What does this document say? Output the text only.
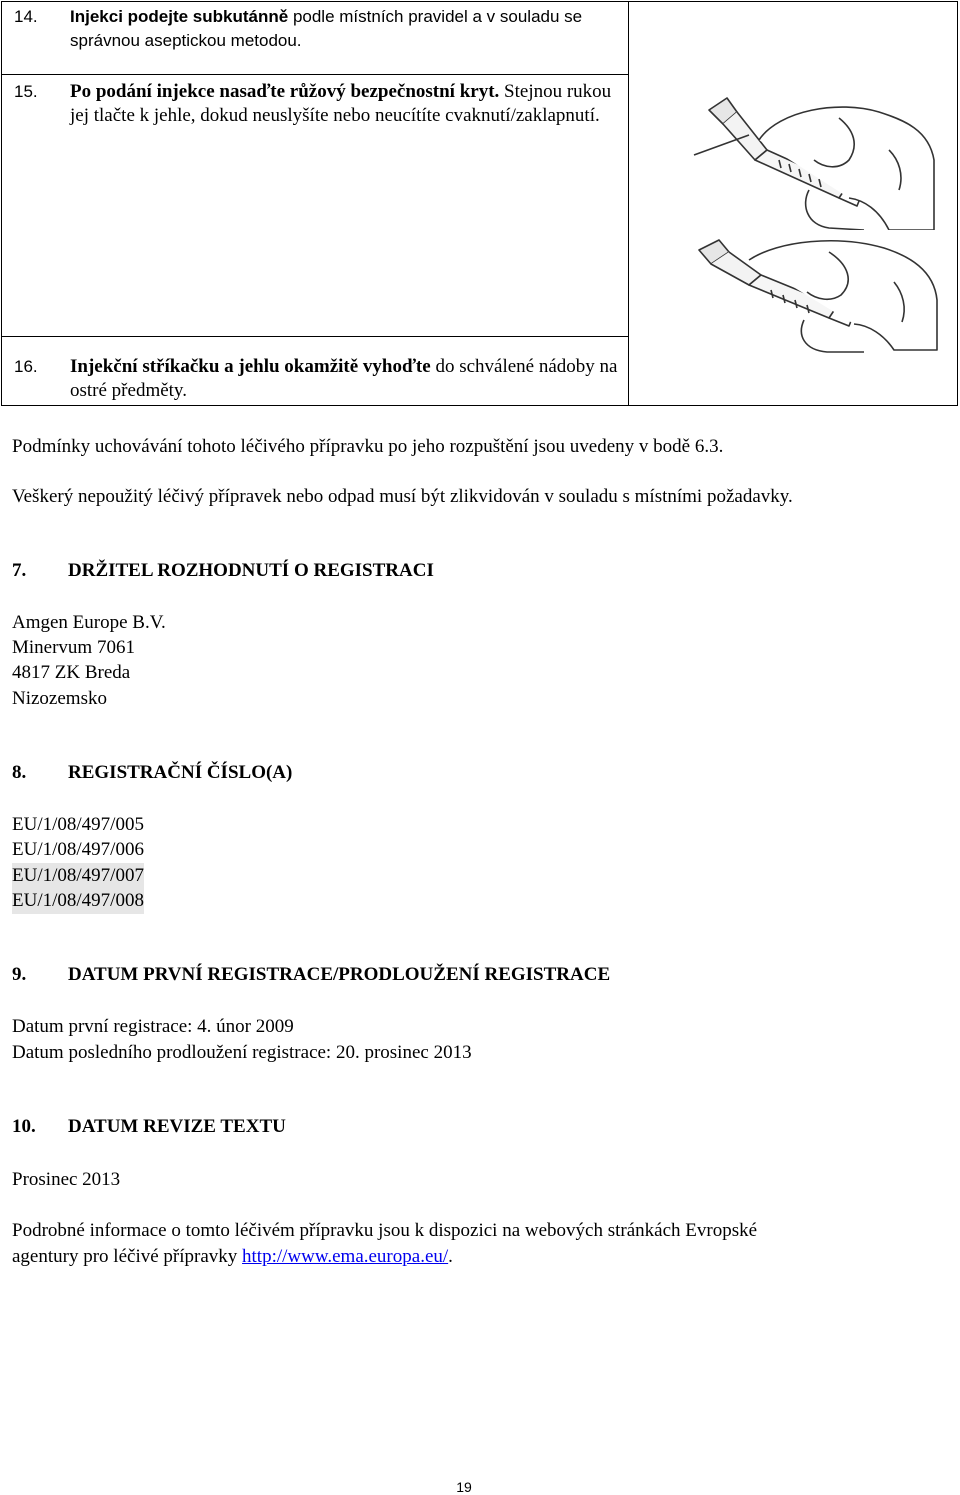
14.	Injekci podejte subkutánně podle místních pravidel a v souladu se správnou aseptickou metodou.

15.	Po podání injekce nasaďte růžový bezpečnostní kryt. Stejnou rukou jej tlačte k jehle, dokud neuslyšíte nebo neucítíte cvaknutí/zaklapnutí.

16.	Injekční stříkačku a jehlu okamžitě vyhoďte do schválené nádoby na ostré předměty.
Podmínky uchovávání tohoto léčivého přípravku po jeho rozpuštění jsou uvedeny v bodě 6.3.
Veškerý nepoužitý léčivý přípravek nebo odpad musí být zlikvidován v souladu s místními požadavky.
7. DRŽITEL ROZHODNUTÍ O REGISTRACI
Amgen Europe B.V.
Minervum 7061
4817 ZK Breda
Nizozemsko
8. REGISTRAČNÍ ČÍSLO(A)
EU/1/08/497/005
EU/1/08/497/006
EU/1/08/497/007
EU/1/08/497/008
9. DATUM PRVNÍ REGISTRACE/PRODLOUŽENÍ REGISTRACE
Datum první registrace: 4. únor 2009
Datum posledního prodloužení registrace: 20. prosinec 2013
10. DATUM REVIZE TEXTU
Prosinec 2013
Podrobné informace o tomto léčivém přípravku jsou k dispozici na webových stránkách Evropské
agentury pro léčivé přípravky http://www.ema.europa.eu/.
19
